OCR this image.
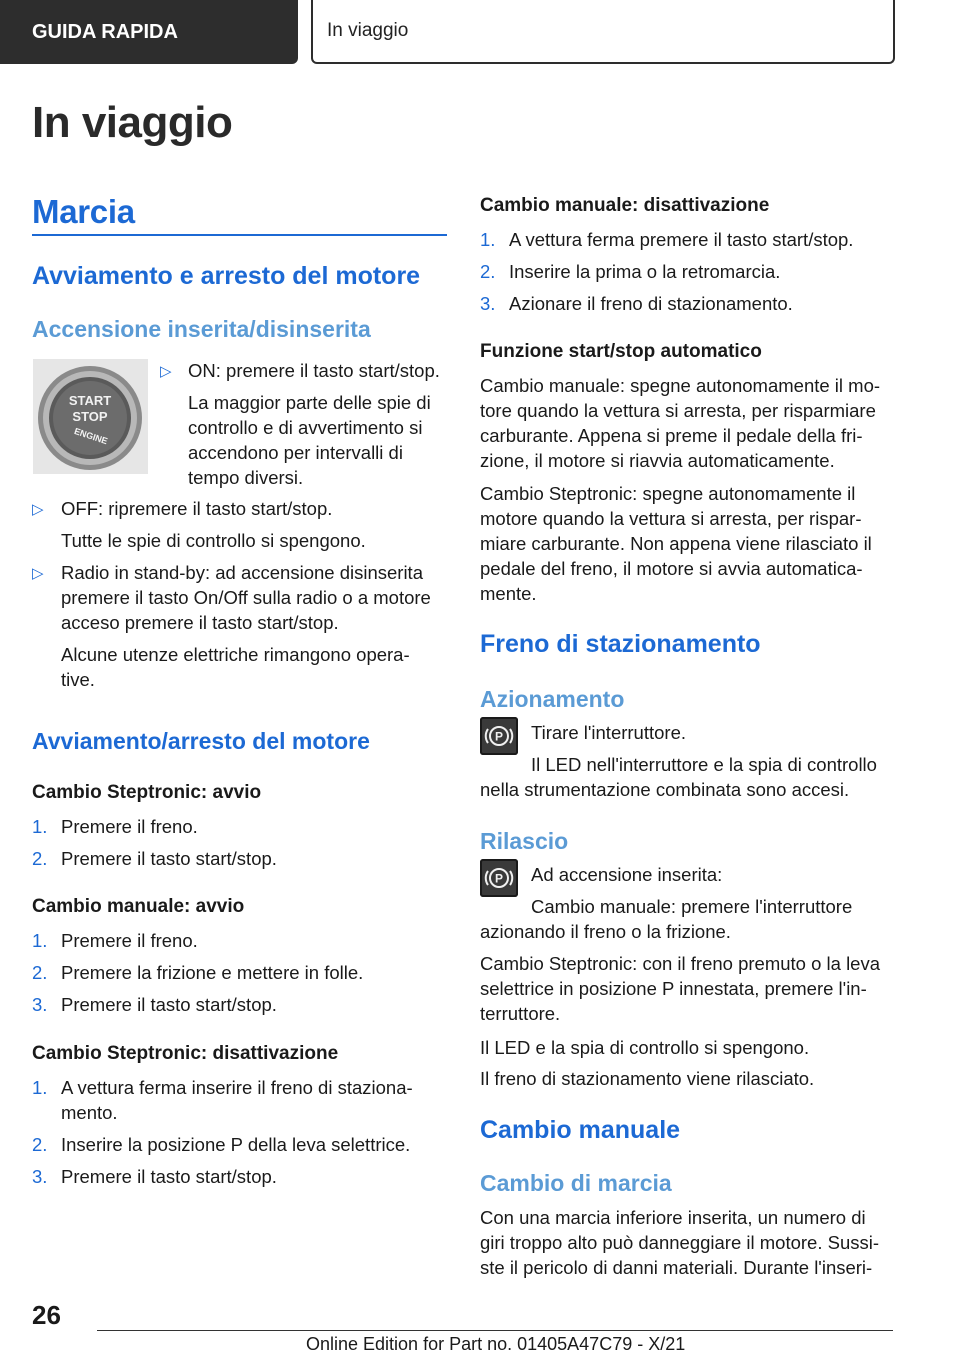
GUIDA RAPIDA	In viaggio
In viaggio
Marcia
Avviamento e arresto del motore
Accensione inserita/disinserita
START
STOP
ENGINE
▷ ON: premere il tasto start/stop.
La maggior parte delle spie di
controllo e di avvertimento si
accendono per intervalli di
tempo diversi.
▷ OFF: ripremere il tasto start/stop.
Tutte le spie di controllo si spengono.
▷ Radio in stand-by: ad accensione disinserita
premere il tasto On/Off sulla radio o a motore
acceso premere il tasto start/stop.
Alcune utenze elettriche rimangono opera-
tive.
Avviamento/arresto del motore
Cambio Steptronic: avvio
1. Premere il freno.
2. Premere il tasto start/stop.
Cambio manuale: avvio
1. Premere il freno.
2. Premere la frizione e mettere in folle.
3. Premere il tasto start/stop.
Cambio Steptronic: disattivazione
1. A vettura ferma inserire il freno di staziona-
mento.
2. Inserire la posizione P della leva selettrice.
3. Premere il tasto start/stop.
Cambio manuale: disattivazione
1. A vettura ferma premere il tasto start/stop.
2. Inserire la prima o la retromarcia.
3. Azionare il freno di stazionamento.
Funzione start/stop automatico
Cambio manuale: spegne autonomamente il mo-
tore quando la vettura si arresta, per risparmiare
carburante. Appena si preme il pedale della fri-
zione, il motore si riavvia automaticamente.
Cambio Steptronic: spegne autonomamente il
motore quando la vettura si arresta, per rispar-
miare carburante. Non appena viene rilasciato il
pedale del freno, il motore si avvia automatica-
mente.
Freno di stazionamento
Azionamento
P Tirare l'interruttore.
Il LED nell'interruttore e la spia di controllo
nella strumentazione combinata sono accesi.
Rilascio
P Ad accensione inserita:
Cambio manuale: premere l'interruttore
azionando il freno o la frizione.
Cambio Steptronic: con il freno premuto o la leva
selettrice in posizione P innestata, premere l'in-
terruttore.
Il LED e la spia di controllo si spengono.
Il freno di stazionamento viene rilasciato.
Cambio manuale
Cambio di marcia
Con una marcia inferiore inserita, un numero di
giri troppo alto può danneggiare il motore. Sussi-
ste il pericolo di danni materiali. Durante l'inseri-
26
Online Edition for Part no. 01405A47C79 - X/21
